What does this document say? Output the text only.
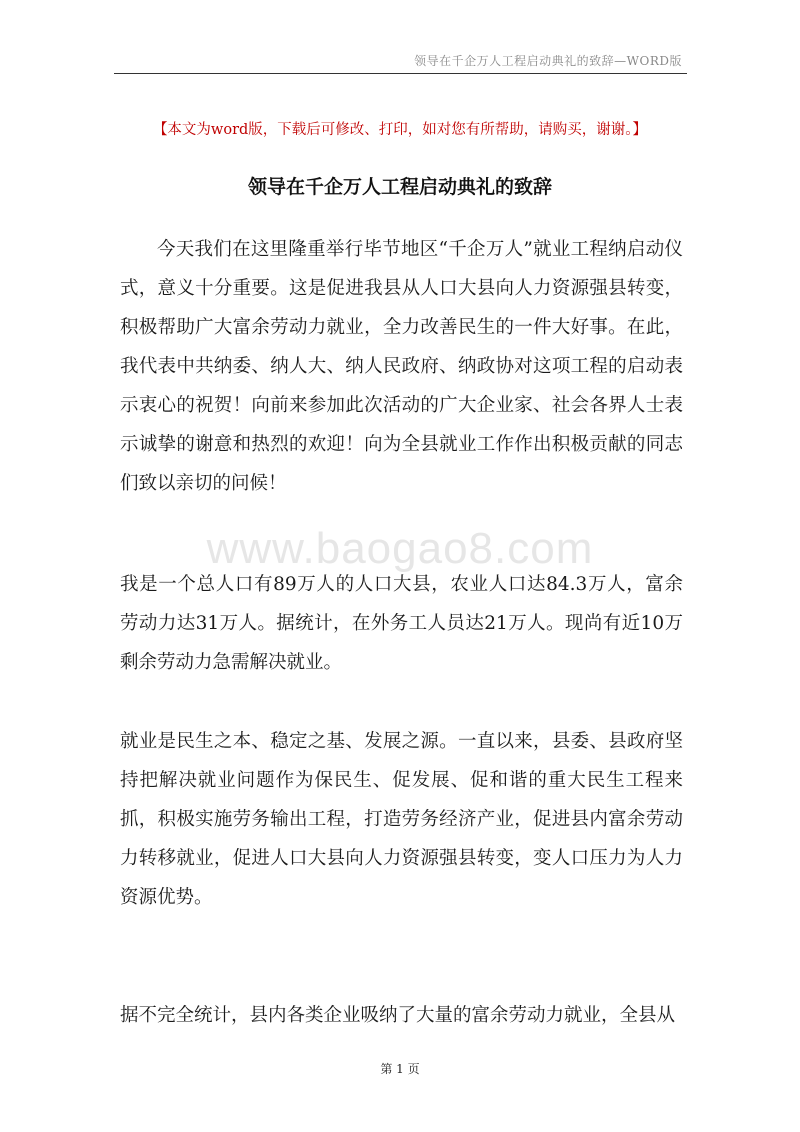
领导在千企万人工程启动典礼的致辞—WORD版
【本文为word版，下载后可修改、打印，如对您有所帮助，请购买，谢谢。】
领导在千企万人工程启动典礼的致辞
www.baogao8.com

今天我们在这里隆重举行毕节地区“千企万人”就业工程纳启动仪式，意义十分重要。这是促进我县从人口大县向人力资源强县转变，积极帮助广大富余劳动力就业，全力改善民生的一件大好事。在此，我代表中共纳委、纳人大、纳人民政府、纳政协对这项工程的启动表示衷心的祝贺！向前来参加此次活动的广大企业家、社会各界人士表示诚挚的谢意和热烈的欢迎！向为全县就业工作作出积极贡献的同志们致以亲切的问候！

我是一个总人口有89万人的人口大县，农业人口达84.3万人，富余劳动力达31万人。据统计，在外务工人员达21万人。现尚有近10万剩余劳动力急需解决就业。

就业是民生之本、稳定之基、发展之源。一直以来，县委、县政府坚持把解决就业问题作为保民生、促发展、促和谐的重大民生工程来抓，积极实施劳务输出工程，打造劳务经济产业，促进县内富余劳动力转移就业，促进人口大县向人力资源强县转变，变人口压力为人力资源优势。

据不完全统计，县内各类企业吸纳了大量的富余劳动力就业，全县从

第 1 页
